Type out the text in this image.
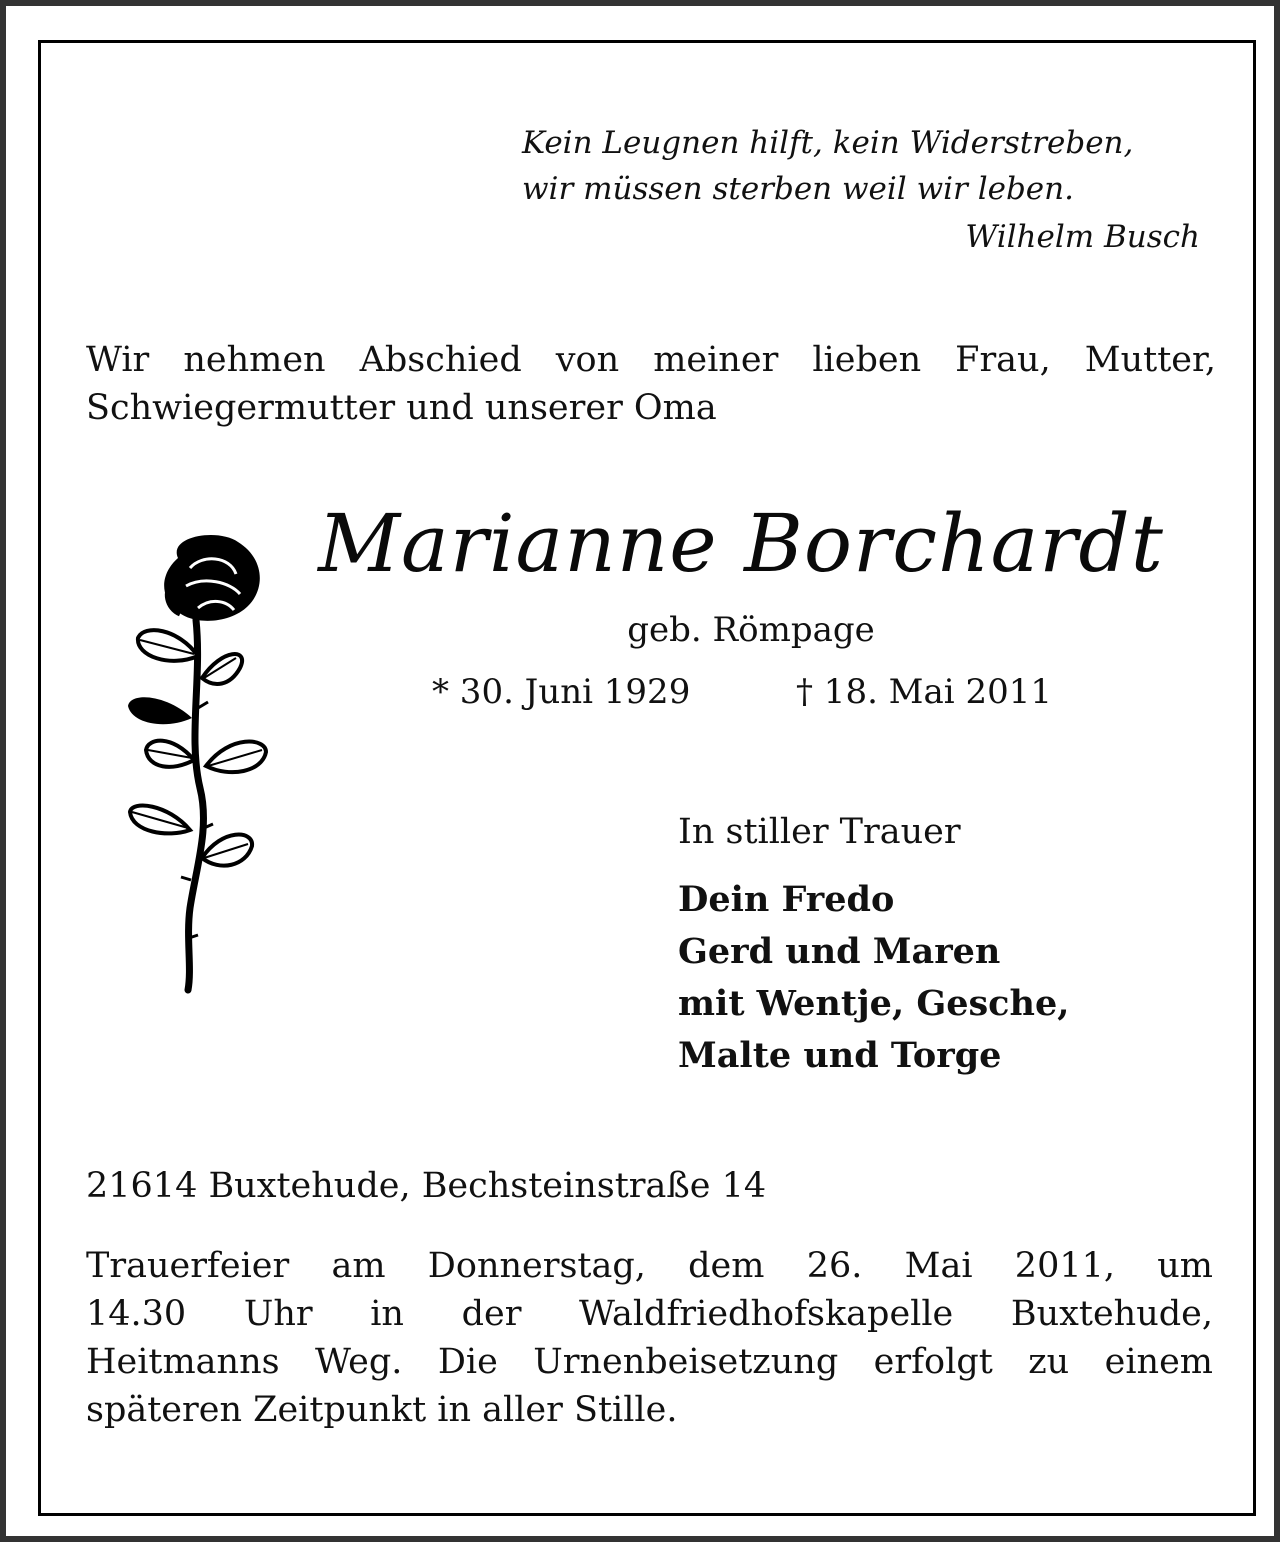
Kein Leugnen hilft, kein Widerstreben,
wir müssen sterben weil wir leben.
Wilhelm Busch
Wir nehmen Abschied von meiner lieben Frau, Mutter,
Schwiegermutter und unserer Oma
Marianne Borchardt
geb. Römpage
* 30. Juni 1929	† 18. Mai 2011
In stiller Trauer
Dein Fredo
Gerd und Maren
mit Wentje, Gesche,
Malte und Torge
21614 Buxtehude, Bechsteinstraße 14
Trauerfeier am Donnerstag, dem 26. Mai 2011, um
14.30 Uhr in der Waldfriedhofskapelle Buxtehude,
Heitmanns Weg. Die Urnenbeisetzung erfolgt zu einem
späteren Zeitpunkt in aller Stille.
